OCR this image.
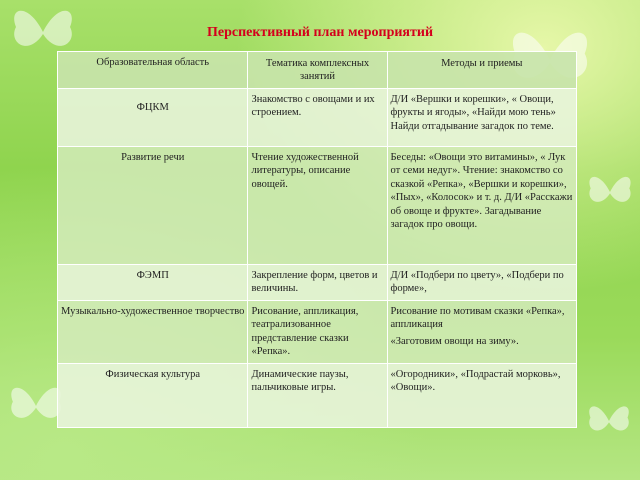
Перспективный план мероприятий
Образовательная область	Тематика комплексных занятий	Методы и приемы
ФЦКМ	Знакомство с овощами и их строением.	Д/И «Вершки и корешки», « Овощи, фрукты и ягоды», «Найди мою тень» Найди отгадывание загадок по теме.
Развитие речи	Чтение художественной литературы, описание овощей.	Беседы: «Овощи это витамины», « Лук от семи недуг». Чтение: знакомство со сказкой «Репка», «Вершки и корешки», «Пых», «Колосок» и т. д. Д/И «Расскажи об овоще и фрукте». Загадывание загадок про овощи.
ФЭМП	Закрепление форм, цветов и величины.	Д/И «Подбери по цвету», «Подбери по форме»,
Музыкально-художественное творчество	Рисование, аппликация, театрализованное представление сказки «Репка».	Рисование по мотивам сказки «Репка», аппликация
«Заготовим овощи на зиму».

Физическая культура	Динамические паузы, пальчиковые игры.	«Огородники», «Подрастай морковь», «Овощи».
